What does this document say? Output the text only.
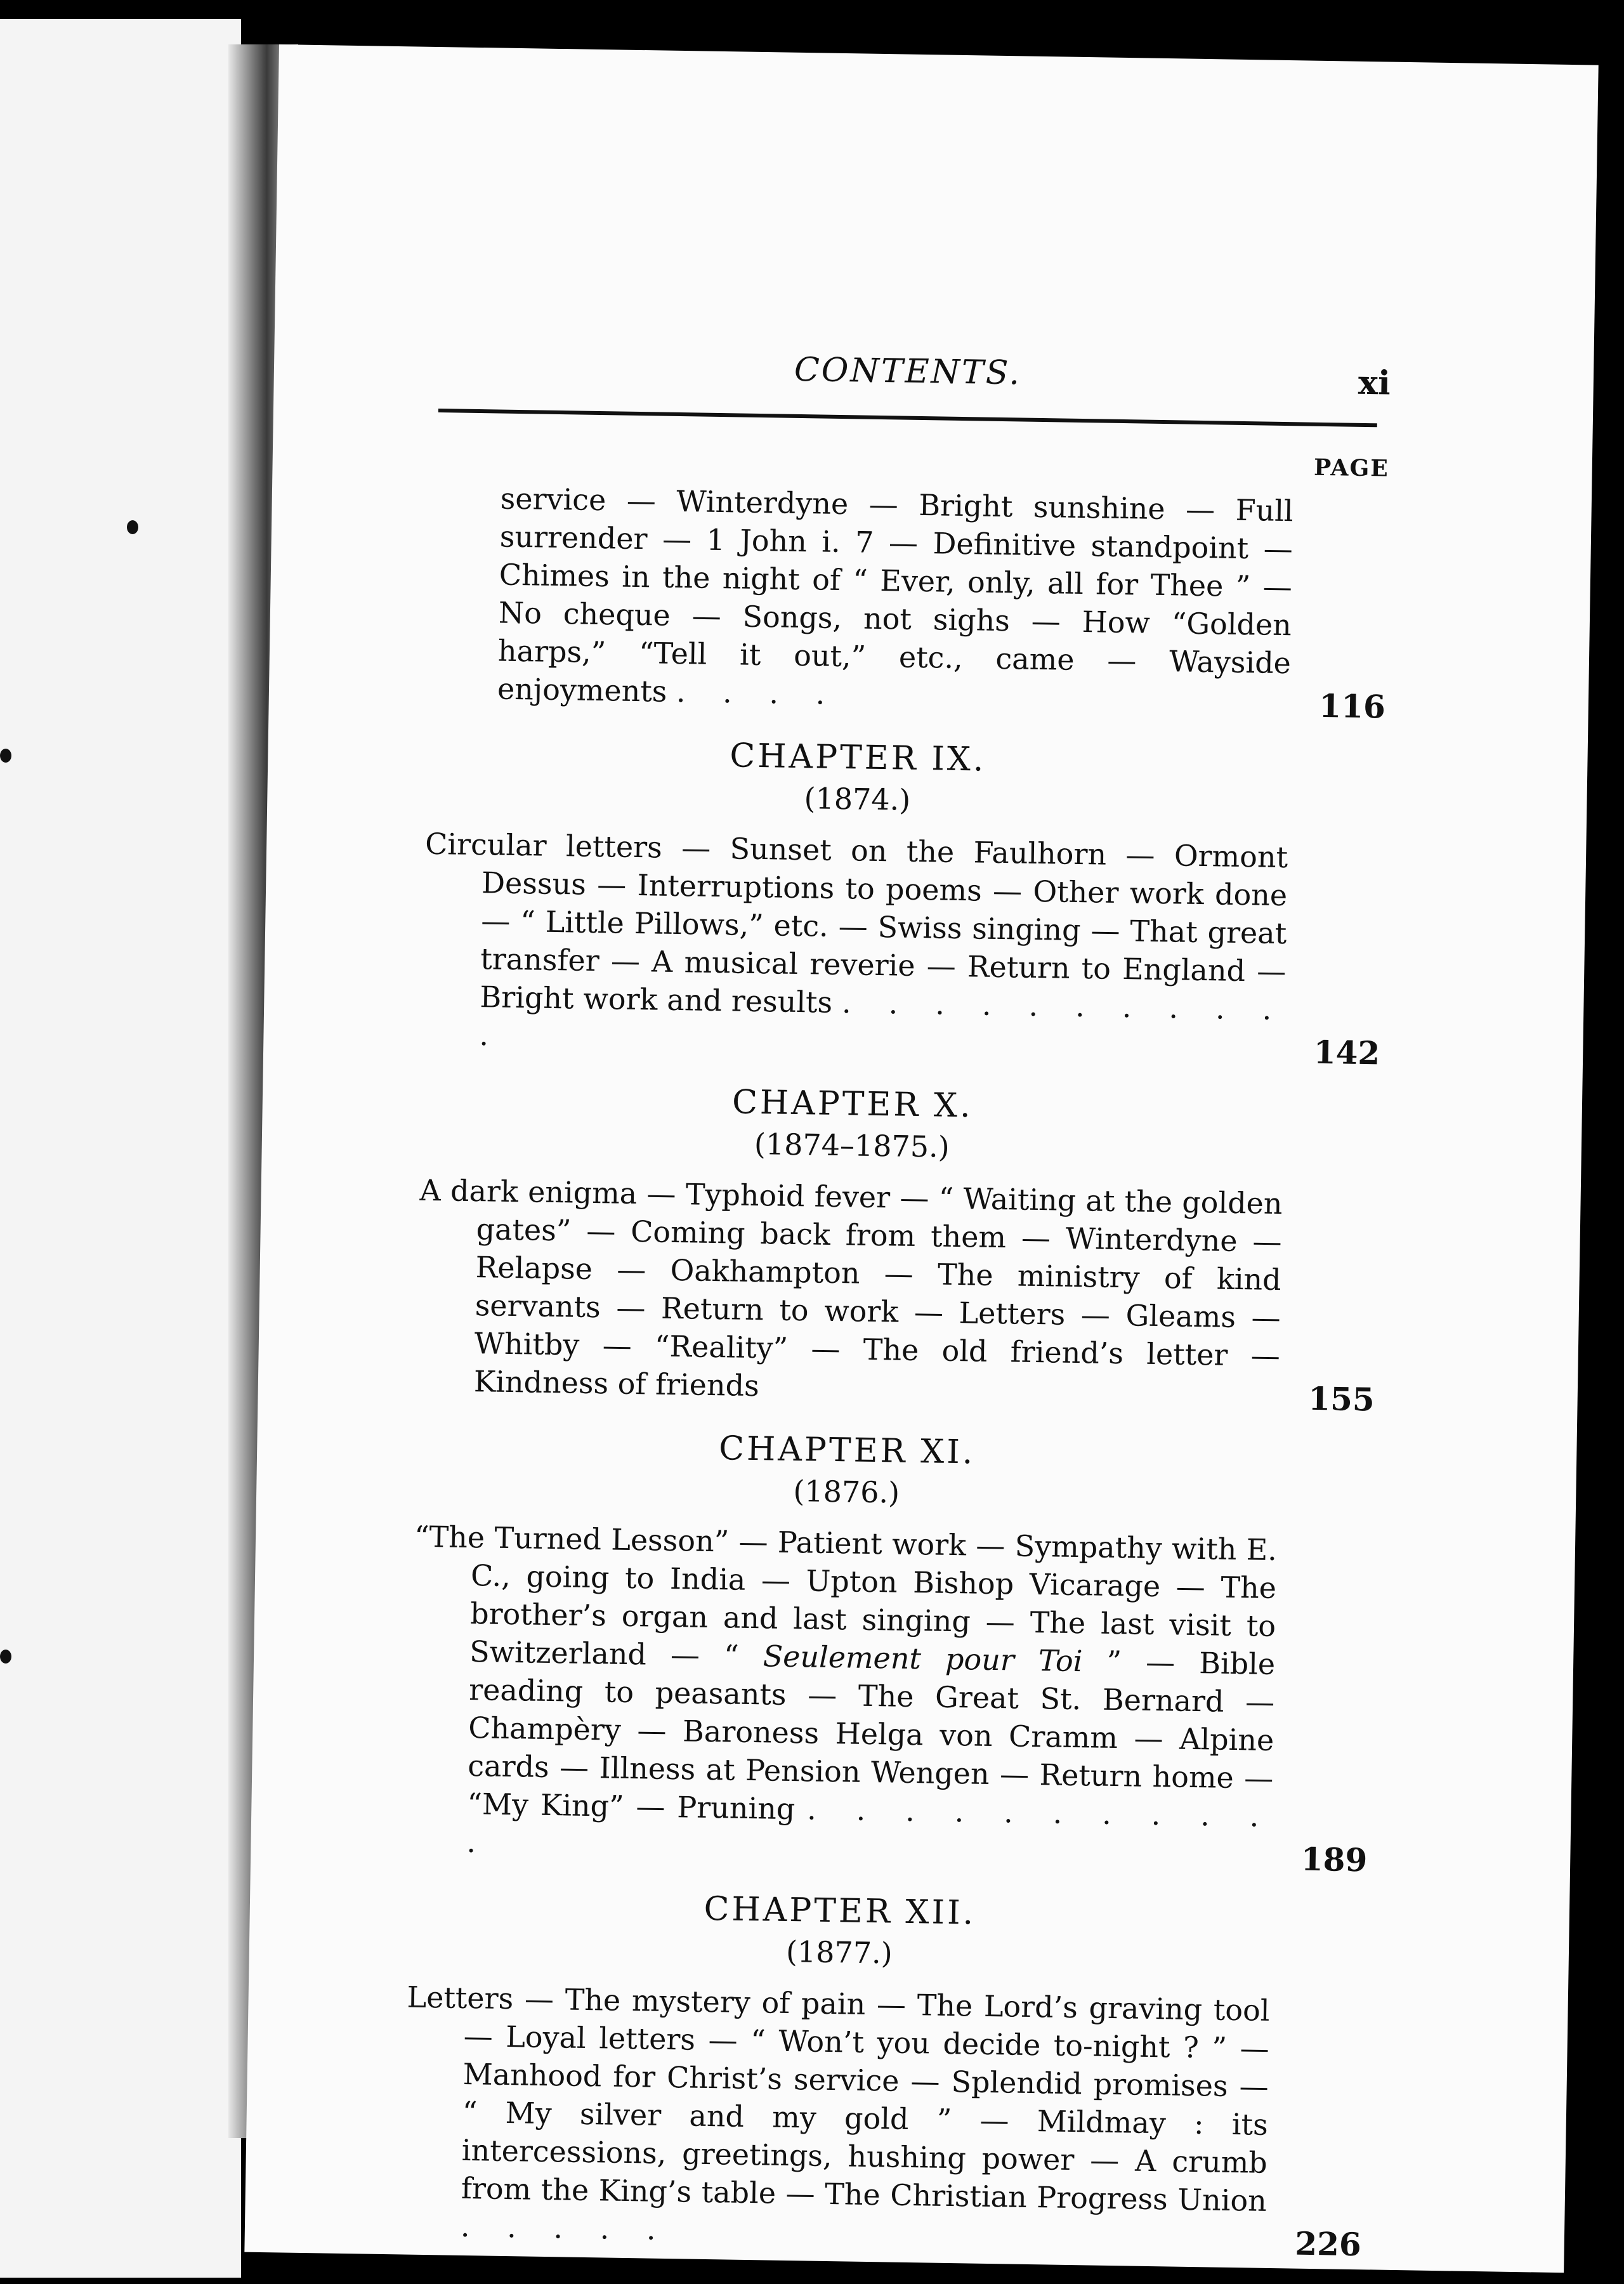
CONTENTS.	xi
PAGE

service — Winterdyne — Bright sunshine — Full surrender — 1 John i. 7 — Definitive standpoint — Chimes in the night of “ Ever, only, all for Thee ” — No cheque — Songs, not sighs — How “Golden harps,” “Tell it out,” etc., came — Wayside enjoyments . . . .	116
CHAPTER IX.
(1874.)

Circular letters — Sunset on the Faulhorn — Ormont Dessus — Interruptions to poems — Other work done — “ Little Pillows,” etc. — Swiss singing — That great transfer — A musical reverie — Return to England — Bright work and results . . . . . . . . . . .	142
CHAPTER X.
(1874–1875.)

A dark enigma — Typhoid fever — “ Waiting at the golden gates” — Coming back from them — Winterdyne — Relapse — Oakhampton — The ministry of kind servants — Return to work — Letters — Gleams — Whitby — “Reality” — The old friend’s letter — Kindness of friends	155
CHAPTER XI.
(1876.)

“The Turned Lesson” — Patient work — Sympathy with E. C., going to India — Upton Bishop Vicarage — The brother’s organ and last singing — The last visit to Switzerland — “ Seulement pour Toi ” — Bible reading to peasants — The Great St. Bernard — Champèry — Baroness Helga von Cramm — Alpine cards — Illness at Pension Wengen — Return home — “My King” — Pruning . . . . . . . . . . .	189
CHAPTER XII.
(1877.)

Letters — The mystery of pain — The Lord’s graving tool — Loyal letters — “ Won’t you decide to-night ? ” — Manhood for Christ’s service — Splendid promises — “ My silver and my gold ” — Mildmay : its intercessions, greetings, hushing power — A crumb from the King’s table — The Christian Progress Union . . . . .	226
